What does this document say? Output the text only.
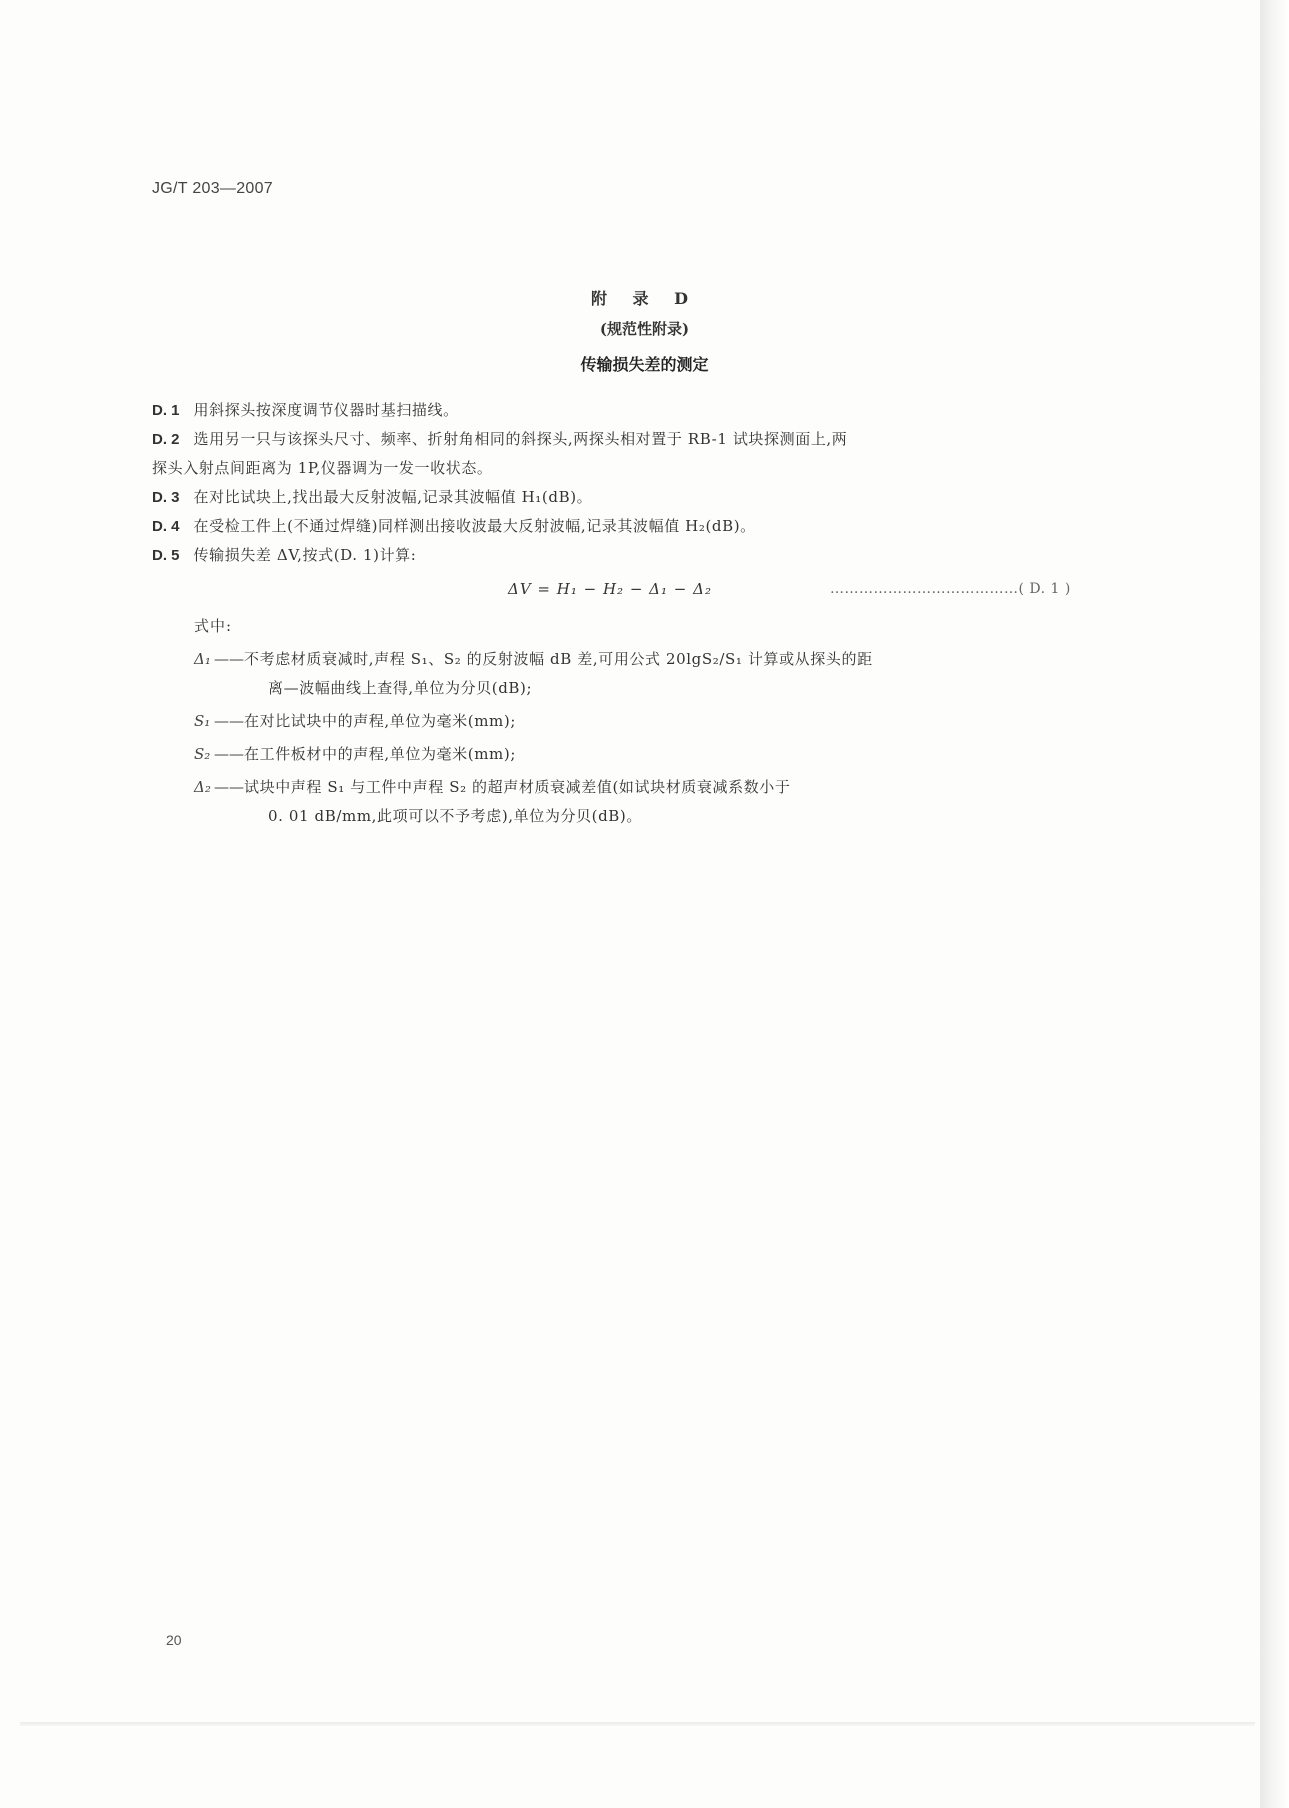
JG/T 203—2007
附 录 D
(规范性附录)
传输损失差的测定

D. 1 用斜探头按深度调节仪器时基扫描线。

D. 2 选用另一只与该探头尺寸、频率、折射角相同的斜探头,两探头相对置于 RB-1 试块探测面上,两

探头入射点间距离为 1P,仪器调为一发一收状态。

D. 3 在对比试块上,找出最大反射波幅,记录其波幅值 H₁(dB)。

D. 4 在受检工件上(不通过焊缝)同样测出接收波最大反射波幅,记录其波幅值 H₂(dB)。

D. 5 传输损失差 ΔV,按式(D. 1)计算:

ΔV = H₁ − H₂ − Δ₁ − Δ₂	…………………………………( D. 1 )

式中:

Δ₁ ——不考虑材质衰减时,声程 S₁、S₂ 的反射波幅 dB 差,可用公式 20lgS₂/S₁ 计算或从探头的距
离—波幅曲线上查得,单位为分贝(dB);

S₁ ——在对比试块中的声程,单位为毫米(mm);

S₂ ——在工件板材中的声程,单位为毫米(mm);

Δ₂ ——试块中声程 S₁ 与工件中声程 S₂ 的超声材质衰减差值(如试块材质衰减系数小于
0. 01 dB/mm,此项可以不予考虑),单位为分贝(dB)。

20
